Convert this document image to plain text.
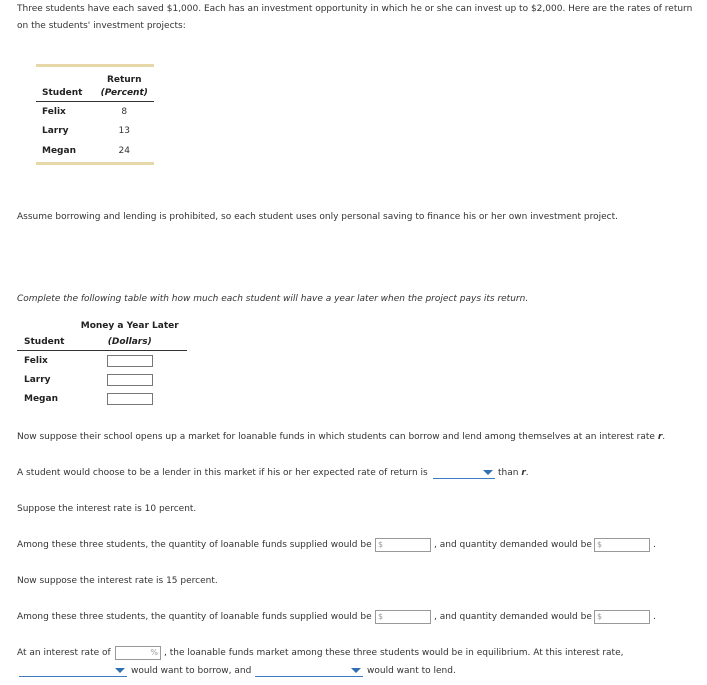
Three students have each saved $1,000. Each has an investment opportunity in which he or she can invest up to $2,000. Here are the rates of return
on the students' investment projects:
	Return
Student	(Percent)
Felix	8
Larry	13
Megan	24
Assume borrowing and lending is prohibited, so each student uses only personal saving to finance his or her own investment project.
Complete the following table with how much each student will have a year later when the project pays its return.
	Money a Year Later
Student	(Dollars)
Felix	
Larry	
Megan	
Now suppose their school opens up a market for loanable funds in which students can borrow and lend among themselves at an interest rate r.
A student would choose to be a lender in this market if his or her expected rate of return is	than r.
Suppose the interest rate is 10 percent.
Among these three students, the quantity of loanable funds supplied would be $	, and quantity demanded would be $	.
Now suppose the interest rate is 15 percent.
Among these three students, the quantity of loanable funds supplied would be $	, and quantity demanded would be $	.
At an interest rate of	% , the loanable funds market among these three students would be in equilibrium. At this interest rate,
would want to borrow, and	would want to lend.
